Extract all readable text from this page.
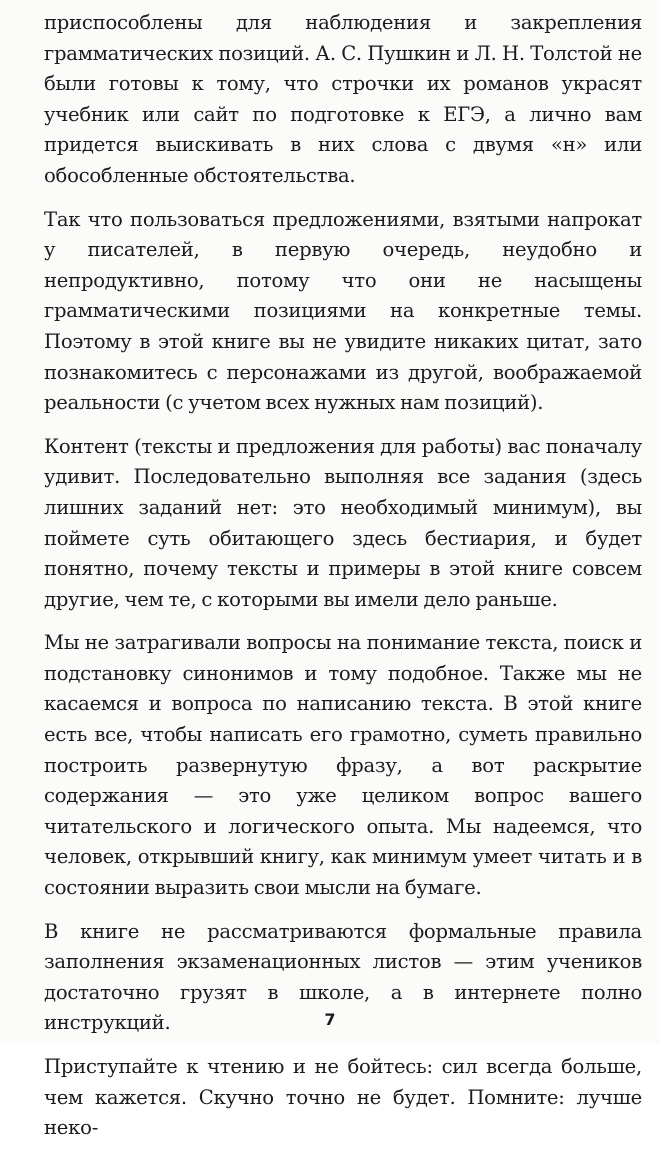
приспособлены для наблюдения и закрепления грамматических позиций. А. С. Пушкин и Л. Н. Толстой не были готовы к тому, что строчки их романов украсят учебник или сайт по подготовке к ЕГЭ, а лично вам придется выискивать в них слова с двумя «н» или обособленные обстоятельства.

Так что пользоваться предложениями, взятыми напрокат у писателей, в первую очередь, неудобно и непродуктивно, потому что они не насыщены грамматическими позициями на конкретные темы. Поэтому в этой книге вы не увидите никаких цитат, зато познакомитесь с персонажами из другой, воображаемой реальности (с учетом всех нужных нам позиций).

Контент (тексты и предложения для работы) вас поначалу удивит. Последовательно выполняя все задания (здесь лишних заданий нет: это необходимый минимум), вы поймете суть обитающего здесь бестиария, и будет понятно, почему тексты и примеры в этой книге совсем другие, чем те, с которыми вы имели дело раньше.

Мы не затрагивали вопросы на понимание текста, поиск и подстановку синонимов и тому подобное. Также мы не касаемся и вопроса по написанию текста. В этой книге есть все, чтобы написать его грамотно, суметь правильно построить развернутую фразу, а вот раскрытие содержания — это уже целиком вопрос вашего читательского и логического опыта. Мы надеемся, что человек, открывший книгу, как минимум умеет читать и в состоянии выразить свои мысли на бумаге.

В книге не рассматриваются формальные правила заполнения экзаменационных листов — этим учеников достаточно грузят в школе, а в интернете полно инструкций.

Приступайте к чтению и не бойтесь: сил всегда больше, чем кажется. Скучно точно не будет. Помните: лучше неко-

7
